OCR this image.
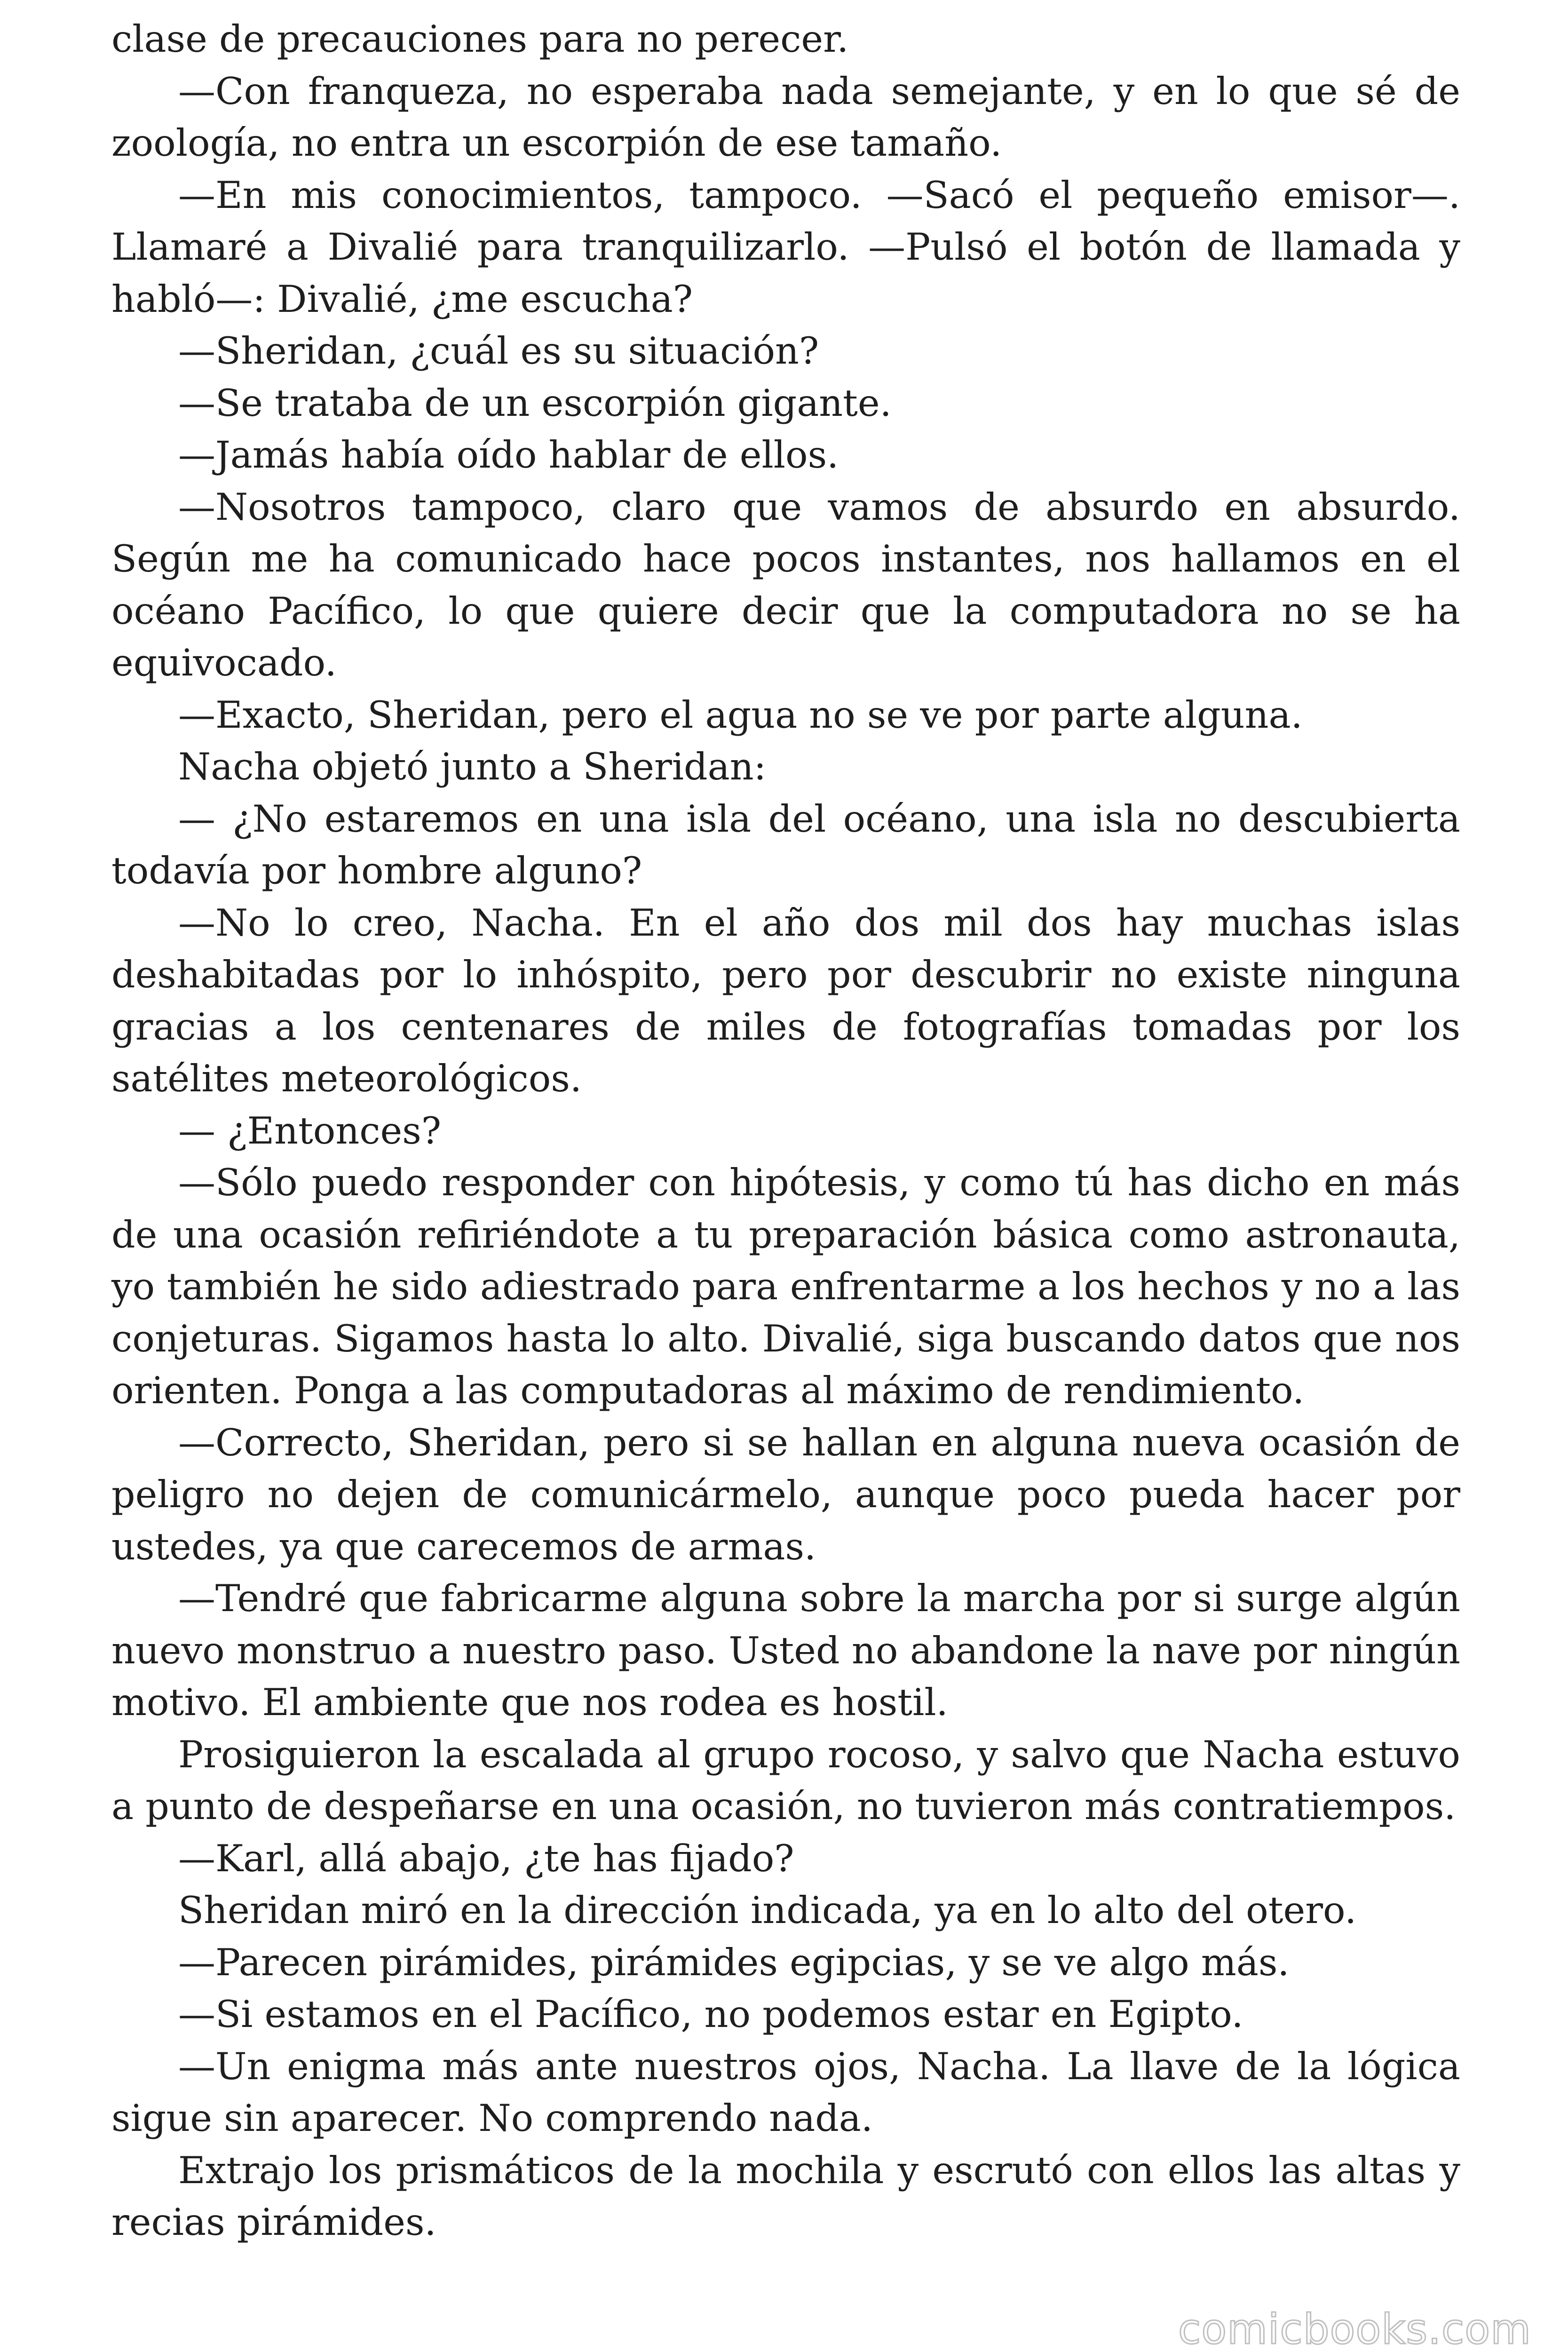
clase de precauciones para no perecer.

—Con franqueza, no esperaba nada semejante, y en lo que sé de zoología, no entra un escorpión de ese tamaño.

—En mis conocimientos, tampoco. —Sacó el pequeño emisor—. Llamaré a Divalié para tranquilizarlo. —Pulsó el botón de llamada y habló—: Divalié, ¿me escucha?

—Sheridan, ¿cuál es su situación?

—Se trataba de un escorpión gigante.

—Jamás había oído hablar de ellos.

—Nosotros tampoco, claro que vamos de absurdo en absurdo. Según me ha comunicado hace pocos instantes, nos hallamos en el océano Pacífico, lo que quiere decir que la computadora no se ha equivocado.

—Exacto, Sheridan, pero el agua no se ve por parte alguna.

Nacha objetó junto a Sheridan:

— ¿No estaremos en una isla del océano, una isla no descubierta todavía por hombre alguno?

—No lo creo, Nacha. En el año dos mil dos hay muchas islas deshabitadas por lo inhóspito, pero por descubrir no existe ninguna gracias a los centenares de miles de fotografías tomadas por los satélites meteorológicos.

— ¿Entonces?

—Sólo puedo responder con hipótesis, y como tú has dicho en más de una ocasión refiriéndote a tu preparación básica como astronauta, yo también he sido adiestrado para enfrentarme a los hechos y no a las conjeturas. Sigamos hasta lo alto. Divalié, siga buscando datos que nos orienten. Ponga a las computadoras al máximo de rendimiento.

—Correcto, Sheridan, pero si se hallan en alguna nueva ocasión de peligro no dejen de comunicármelo, aunque poco pueda hacer por ustedes, ya que carecemos de armas.

—Tendré que fabricarme alguna sobre la marcha por si surge algún nuevo monstruo a nuestro paso. Usted no abandone la nave por ningún motivo. El ambiente que nos rodea es hostil.

Prosiguieron la escalada al grupo rocoso, y salvo que Nacha estuvo a punto de despeñarse en una ocasión, no tuvieron más contratiempos.

—Karl, allá abajo, ¿te has fijado?

Sheridan miró en la dirección indicada, ya en lo alto del otero.

—Parecen pirámides, pirámides egipcias, y se ve algo más.

—Si estamos en el Pacífico, no podemos estar en Egipto.

—Un enigma más ante nuestros ojos, Nacha. La llave de la lógica sigue sin aparecer. No comprendo nada.

Extrajo los prismáticos de la mochila y escrutó con ellos las altas y recias pirámides.

comicbooks.com
